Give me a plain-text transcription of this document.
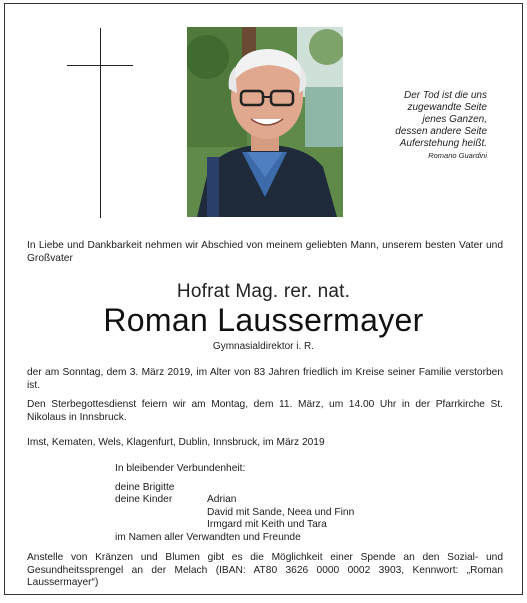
Der Tod ist die uns
zugewandte Seite
jenes Ganzen,
dessen andere Seite
Auferstehung heißt.
Romano Guardini
In Liebe und Dankbarkeit nehmen wir Abschied von meinem geliebten Mann, unserem besten Vater und Großvater
Hofrat Mag. rer. nat.
Roman Laussermayer
Gymnasialdirektor i. R.
der am Sonntag, dem 3. März 2019, im Alter von 83 Jahren friedlich im Kreise seiner Familie verstorben ist.
Den Sterbegottesdienst feiern wir am Montag, dem 11. März, um 14.00 Uhr in der Pfarrkirche St. Nikolaus in Innsbruck.
Imst, Kematen, Wels, Klagenfurt, Dublin, Innsbruck, im März 2019
In bleibender Verbundenheit:
deine Brigitte
deine Kinder	Adrian
David mit Sande, Neea und Finn
Irmgard mit Keith und Tara
im Namen aller Verwandten und Freunde
Anstelle von Kränzen und Blumen gibt es die Möglichkeit einer Spende an den Sozial- und Gesundheitssprengel an der Melach (IBAN: AT80 3626 0000 0002 3903, Kennwort: „Roman Laussermayer“)
